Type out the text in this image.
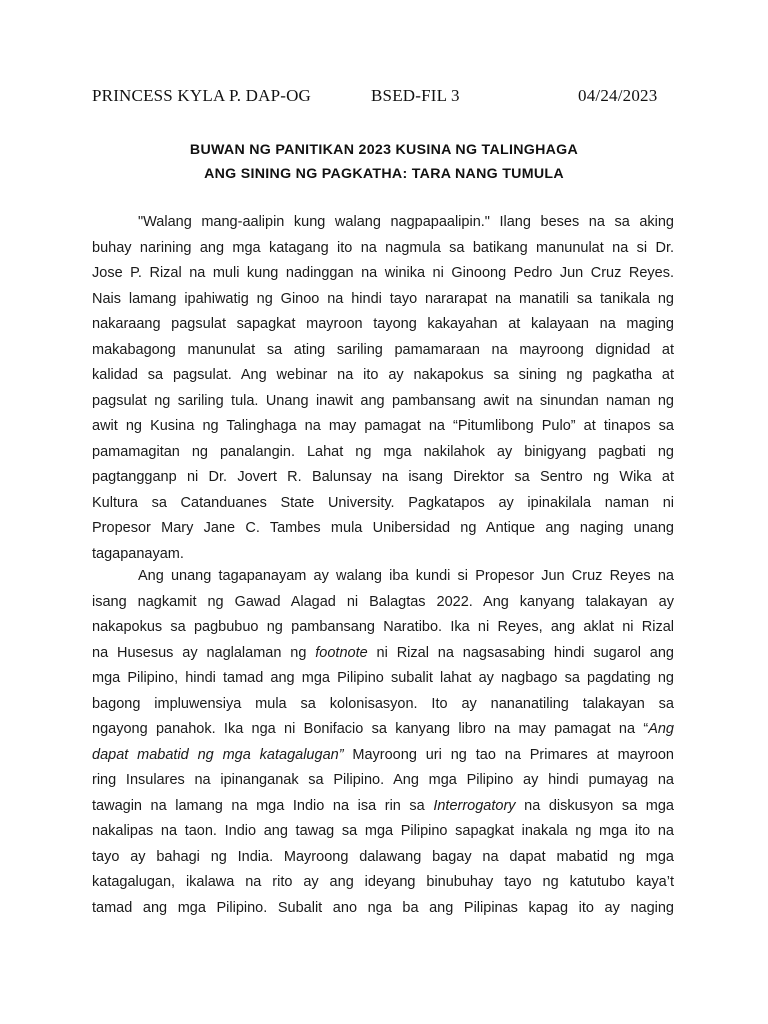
PRINCESS KYLA P. DAP-OG	BSED-FIL 3	04/24/2023
BUWAN NG PANITIKAN 2023 KUSINA NG TALINGHAGA
ANG SINING NG PAGKATHA: TARA NANG TUMULA
"Walang mang-aalipin kung walang nagpapaalipin." Ilang beses na sa aking
buhay narining ang mga katagang ito na nagmula sa batikang manunulat na si Dr.
Jose P. Rizal na muli kung nadinggan na winika ni Ginoong Pedro Jun Cruz Reyes.
Nais lamang ipahiwatig ng Ginoo na hindi tayo nararapat na manatili sa tanikala ng
nakaraang pagsulat sapagkat mayroon tayong kakayahan at kalayaan na maging
makabagong manunulat sa ating sariling pamamaraan na mayroong dignidad at
kalidad sa pagsulat. Ang webinar na ito ay nakapokus sa sining ng pagkatha at
pagsulat ng sariling tula. Unang inawit ang pambansang awit na sinundan naman ng
awit ng Kusina ng Talinghaga na may pamagat na “Pitumlibong Pulo” at tinapos sa
pamamagitan ng panalangin. Lahat ng mga nakilahok ay binigyang pagbati ng
pagtangganp ni Dr. Jovert R. Balunsay na isang Direktor sa Sentro ng Wika at
Kultura sa Catanduanes State University. Pagkatapos ay ipinakilala naman ni
Propesor Mary Jane C. Tambes mula Unibersidad ng Antique ang naging unang
tagapanayam.
Ang unang tagapanayam ay walang iba kundi si Propesor Jun Cruz Reyes na
isang nagkamit ng Gawad Alagad ni Balagtas 2022. Ang kanyang talakayan ay
nakapokus sa pagbubuo ng pambansang Naratibo. Ika ni Reyes, ang aklat ni Rizal
na Husesus ay naglalaman ng footnote ni Rizal na nagsasabing hindi sugarol ang
mga Pilipino, hindi tamad ang mga Pilipino subalit lahat ay nagbago sa pagdating ng
bagong impluwensiya mula sa kolonisasyon. Ito ay nananatiling talakayan sa
ngayong panahok. Ika nga ni Bonifacio sa kanyang libro na may pamagat na “Ang
dapat mabatid ng mga katagalugan” Mayroong uri ng tao na Primares at mayroon
ring Insulares na ipinanganak sa Pilipino. Ang mga Pilipino ay hindi pumayag na
tawagin na lamang na mga Indio na isa rin sa Interrogatory na diskusyon sa mga
nakalipas na taon. Indio ang tawag sa mga Pilipino sapagkat inakala ng mga ito na
tayo ay bahagi ng India. Mayroong dalawang bagay na dapat mabatid ng mga
katagalugan, ikalawa na rito ay ang ideyang binubuhay tayo ng katutubo kaya’t
tamad ang mga Pilipino. Subalit ano nga ba ang Pilipinas kapag ito ay naging
